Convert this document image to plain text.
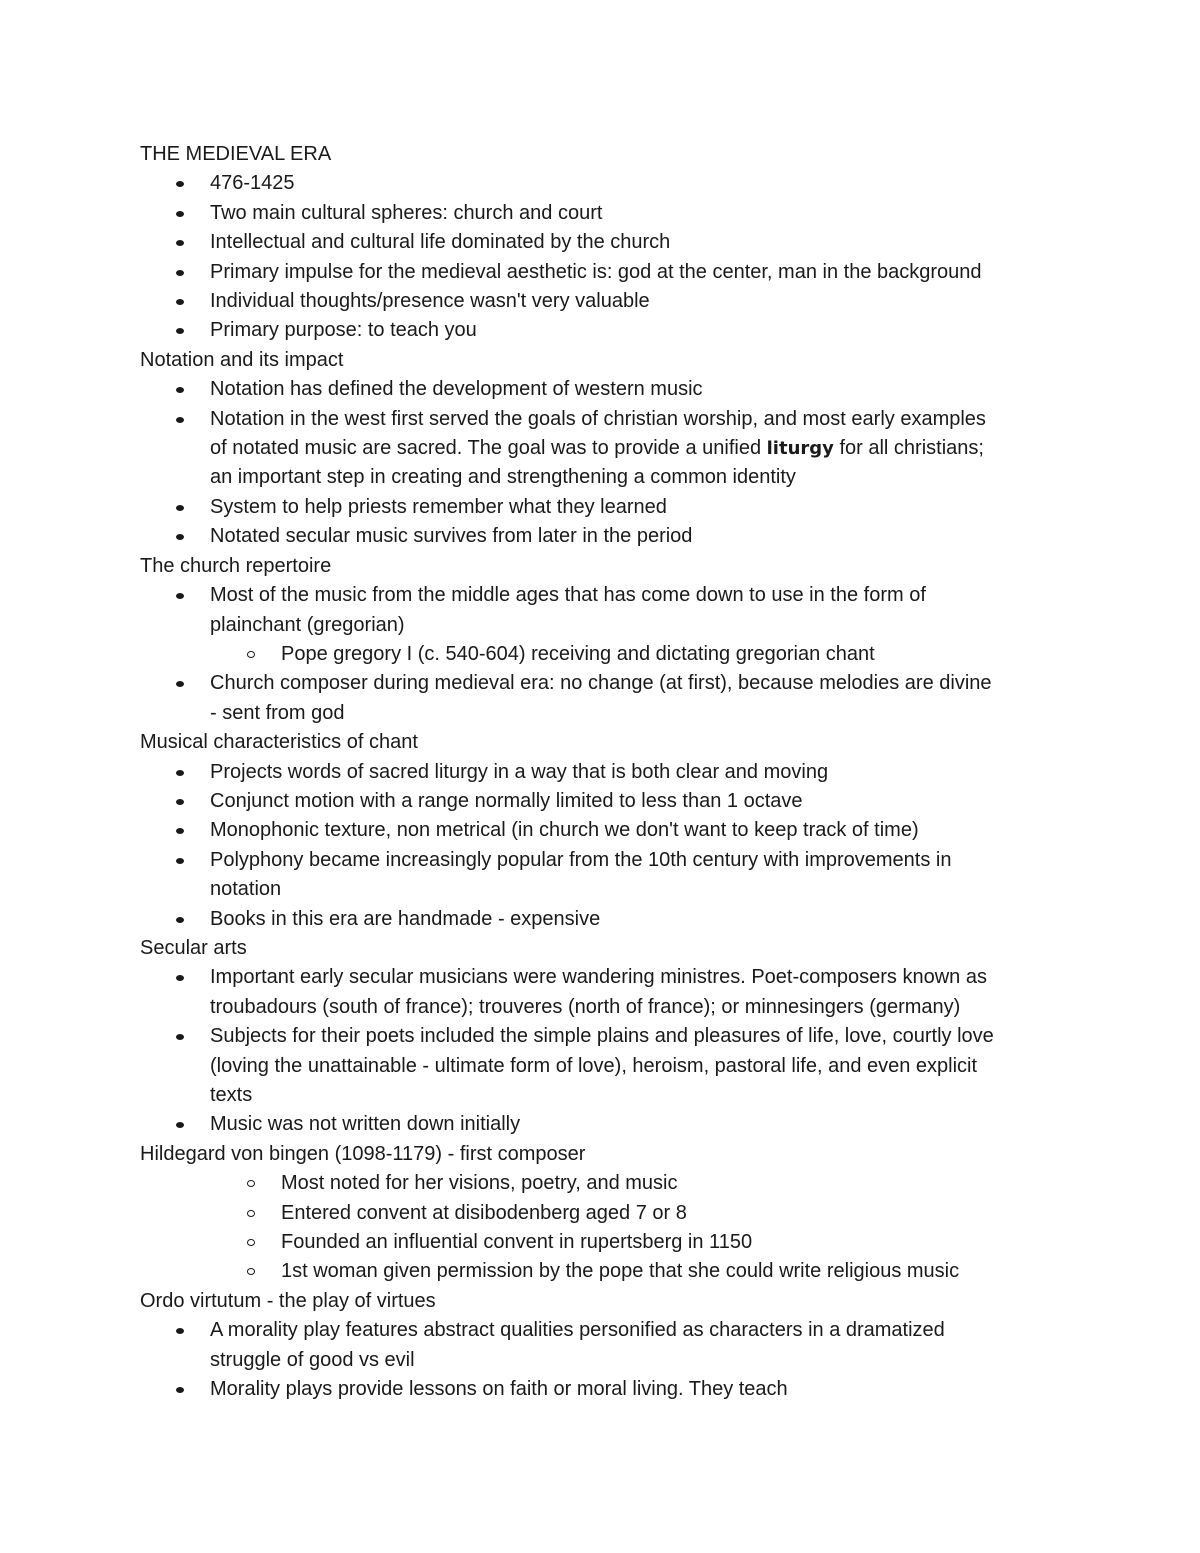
THE MEDIEVAL ERA
476-1425
Two main cultural spheres: church and court
Intellectual and cultural life dominated by the church
Primary impulse for the medieval aesthetic is: god at the center, man in the background
Individual thoughts/presence wasn't very valuable
Primary purpose: to teach you
Notation and its impact
Notation has defined the development of western music
Notation in the west first served the goals of christian worship, and most early examples
of notated music are sacred. The goal was to provide a unified liturgy for all christians;
an important step in creating and strengthening a common identity
System to help priests remember what they learned
Notated secular music survives from later in the period
The church repertoire
Most of the music from the middle ages that has come down to use in the form of
plainchant (gregorian)
Pope gregory I (c. 540-604) receiving and dictating gregorian chant
Church composer during medieval era: no change (at first), because melodies are divine
- sent from god
Musical characteristics of chant
Projects words of sacred liturgy in a way that is both clear and moving
Conjunct motion with a range normally limited to less than 1 octave
Monophonic texture, non metrical (in church we don't want to keep track of time)
Polyphony became increasingly popular from the 10th century with improvements in
notation
Books in this era are handmade - expensive
Secular arts
Important early secular musicians were wandering ministres. Poet-composers known as
troubadours (south of france); trouveres (north of france); or minnesingers (germany)
Subjects for their poets included the simple plains and pleasures of life, love, courtly love
(loving the unattainable - ultimate form of love), heroism, pastoral life, and even explicit
texts
Music was not written down initially
Hildegard von bingen (1098-1179) - first composer
Most noted for her visions, poetry, and music
Entered convent at disibodenberg aged 7 or 8
Founded an influential convent in rupertsberg in 1150
1st woman given permission by the pope that she could write religious music
Ordo virtutum - the play of virtues
A morality play features abstract qualities personified as characters in a dramatized
struggle of good vs evil
Morality plays provide lessons on faith or moral living. They teach
